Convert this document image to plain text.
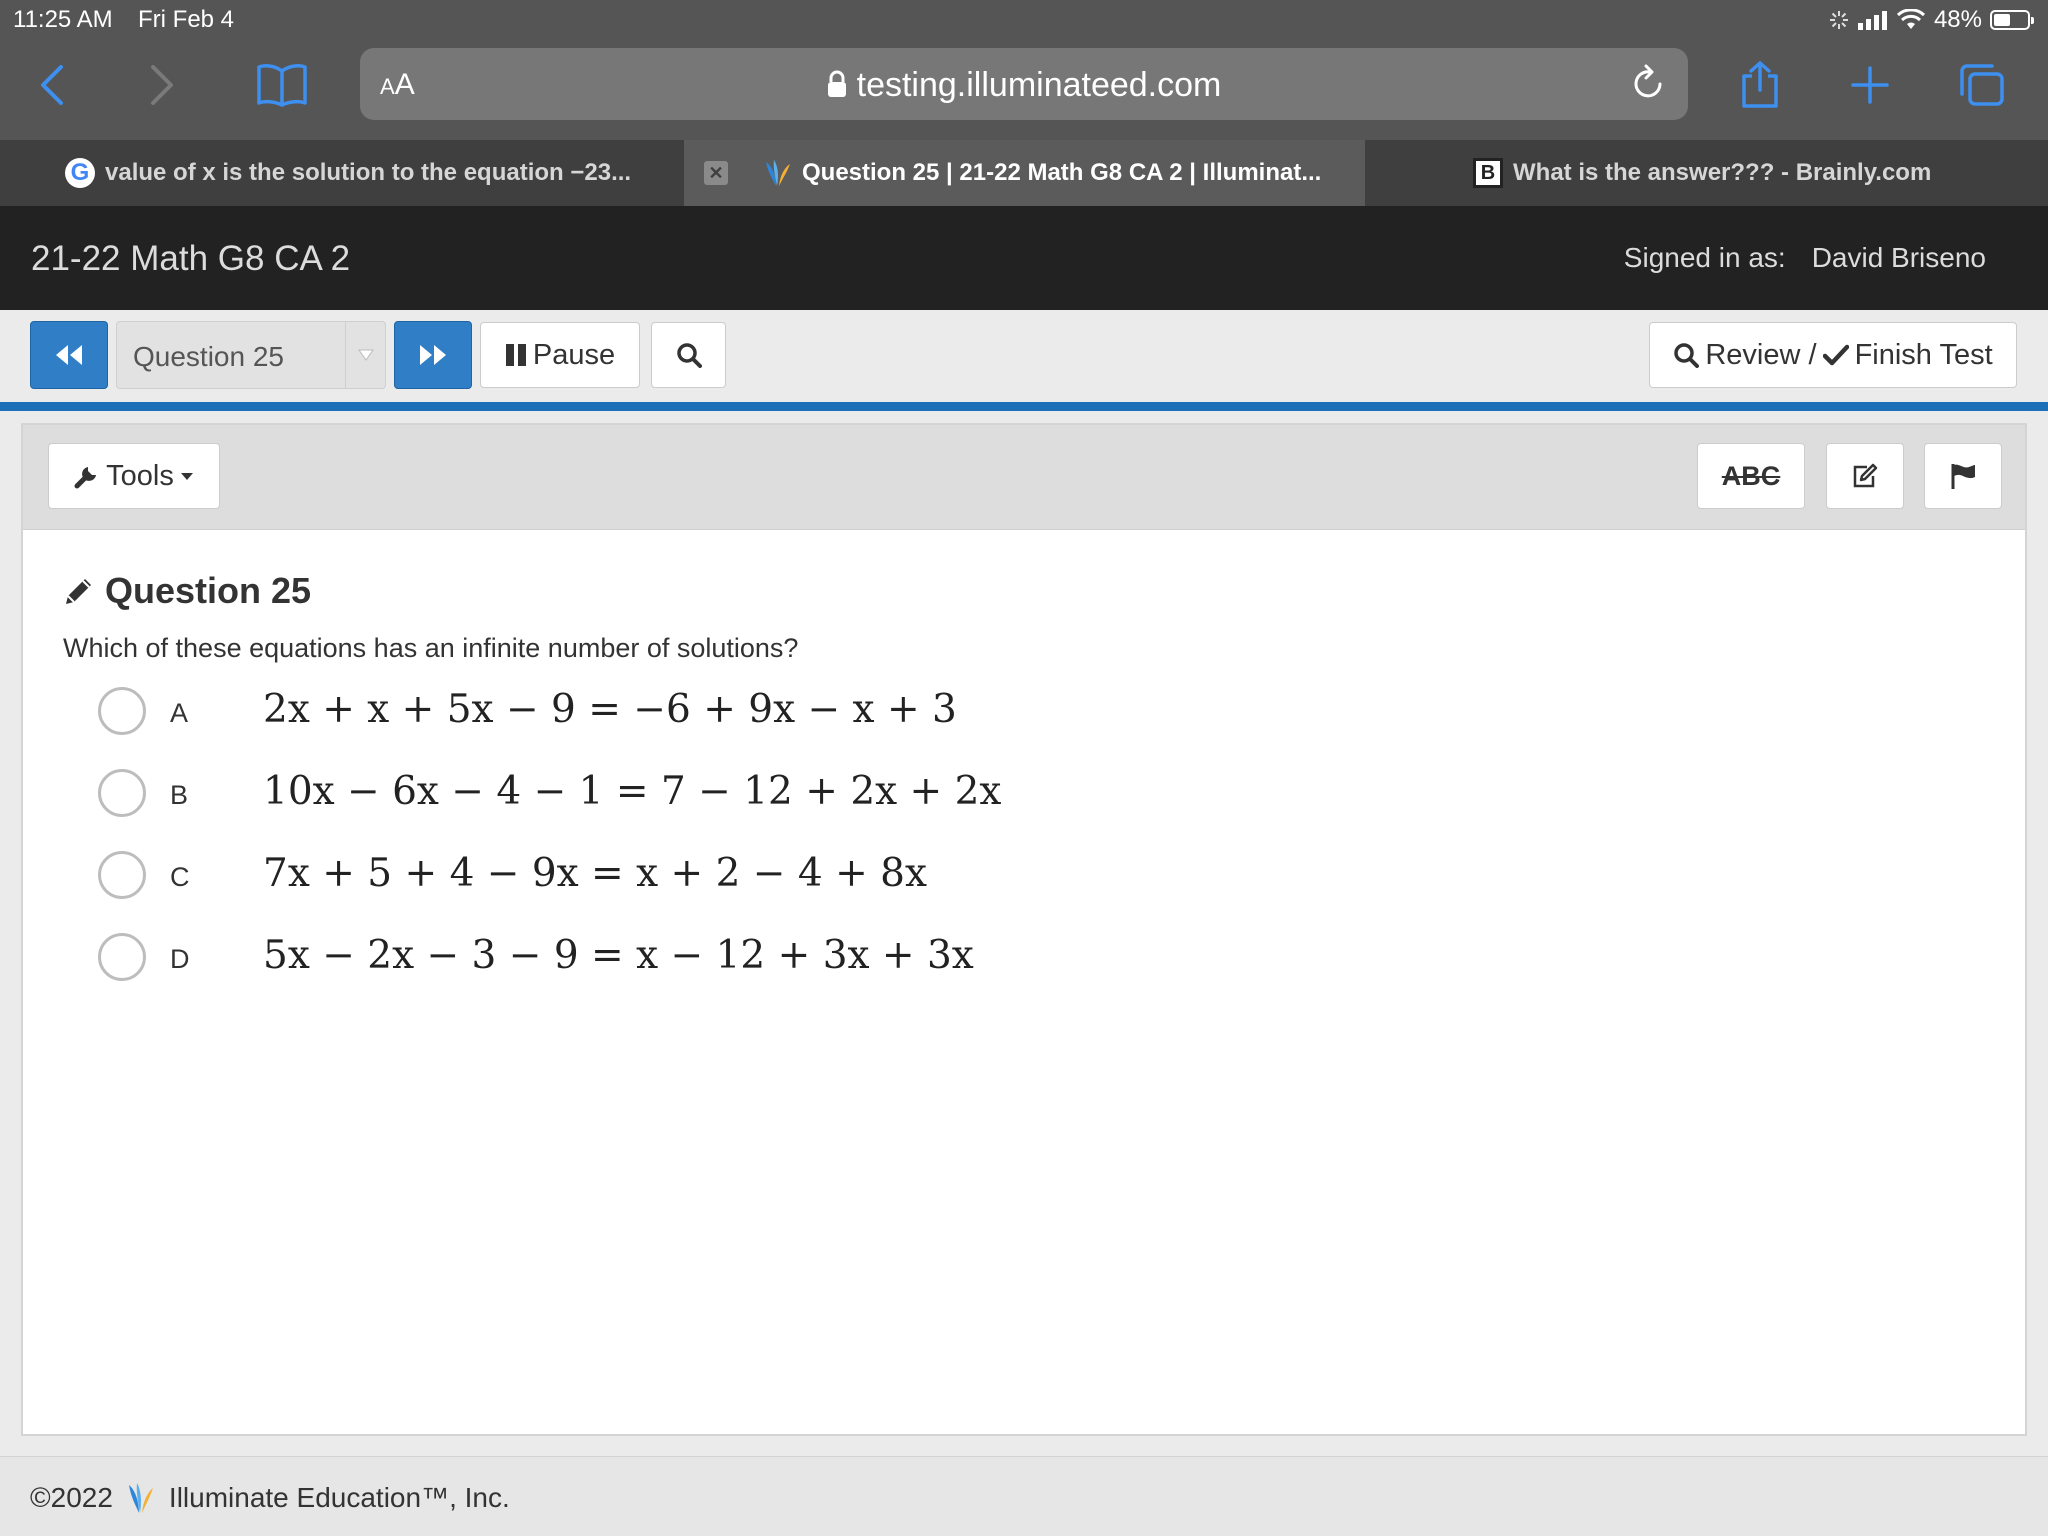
11:25 AM Fri Feb 4	48%
AA	testing.illuminateed.com
G value of x is the solution to the equation −23...	✕	Question 25 | 21-22 Math G8 CA 2 | Illuminat...	B What is the answer??? - Brainly.com
21-22 Math G8 CA 2	Signed in as: David Briseno
Question 25	Pause	Review / Finish Test
Tools	ABC
Question 25
Which of these equations has an infinite number of solutions?
A 2x + x + 5x − 9 = −6 + 9x − x + 3
B 10x − 6x − 4 − 1 = 7 − 12 + 2x + 2x
C 7x + 5 + 4 − 9x = x + 2 − 4 + 8x
D 5x − 2x − 3 − 9 = x − 12 + 3x + 3x
©2022 Illuminate Education™, Inc.
